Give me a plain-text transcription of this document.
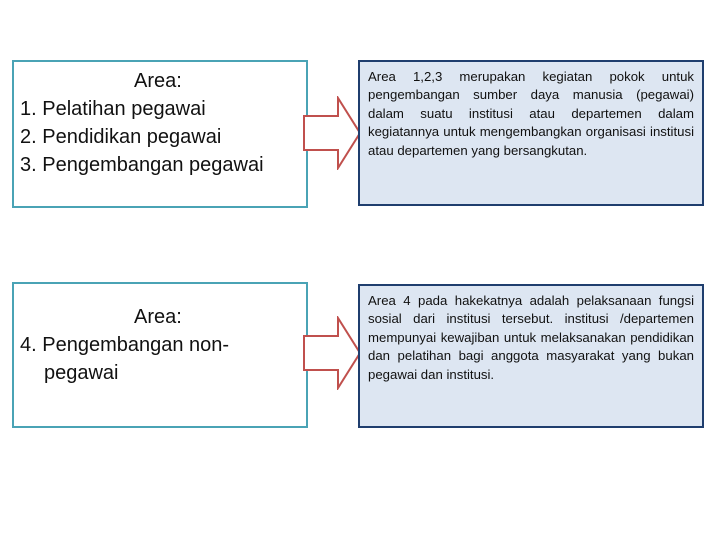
Area:
1. Pelatihan pegawai
2. Pendidikan pegawai
3. Pengembangan pegawai
Area 1,2,3 merupakan kegiatan pokok untuk pengembangan sumber daya manusia (pegawai) dalam suatu institusi atau departemen dalam kegiatannya untuk mengembangkan organisasi institusi atau departemen yang bersangkutan.
Area:
4. Pengembangan non-
pegawai
Area 4 pada hakekatnya adalah pelaksanaan fungsi sosial dari institusi tersebut. institusi /departemen mempunyai kewajiban untuk melaksanakan pendidikan dan pelatihan bagi anggota masyarakat yang bukan pegawai dan institusi.
